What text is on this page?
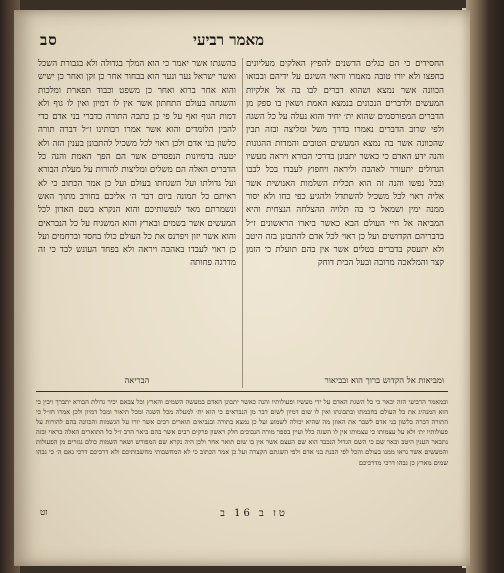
מאמר רביעי
סב
החסידים כי הם כגלים הדשנים להפיץ האלקים מעליונים בחפצו ולא יורו טובה מאמרו וראוי השיגם על ידיהם ובבואו הכוונה אשר נמצא ושהוא דברים לבו בה אל אלקיות המעשים ולדברים הנכונים בנמצא האמת ושאין בו ספק מן הדברים המפורסמים שהוא ית׳ יחיד והוא נעלה על כל השגה ולפי שרוב הדברים נאמרו בדרך משל ומליצה ובזה תבין שהכוונה אשר בה נמצא המעשים הטובים והמדות ההגונות והנה ידע האדם כי כאשר יתבונן בדרכי הבורא ויראה מעשיו הגדולים יתעורר לאהבה וליראה ויחפוץ לעבדו בכל לבבו ובכל נפשו והנה זה הוא תכלית השלמות האנושית אשר אליה ראוי לכל משכיל להשתדל ולהגיע כפי כחו ולא יסור ממנה ימין ושמאל כי בה תלויה ההצלחה הנצחית והיא המביאה אל חיי העולם הבא כאשר ביארו הראשונים ז״ל בדבריהם הקדושים ועל כן ראוי לכל אדם להתבונן בזה היטב ולא יתעסק בדברים בטלים אשר אין בהם תועלת כי הזמן קצר והמלאכה מרובה ובעל הבית דוחק
בהשגתו אשר יאמר כי הוא המלך בגדולה ולא בגבורת השכל ואשר ישראל נער ונער הוא בבחור אחר כן זקן ואחר כן ישיש והוא אחר ברוא ואחר כן משפט וכבוד תפארת ומלכות והשגחה בעולם התחתון אשר אין לו דמיון ואין לו גוף ולא דמות הגוף ואף על פי כן כתבה התורה כדברי בני אדם כדי להבין הלומדים והוא אשר אמרו רבותינו ז״ל דברה תורה כלשון בני אדם ולכן ראוי לכל משכיל להתבונן בענין הזה ולא יטעה בדמיונות הנפסדים אשר הם הפך האמת והנה כל הדברים האלה הם משלים ומליצות להורות על מעלת הבורא ועל גדולתו ועל השגחתו בעולם ועל כן אמר הכתוב כי לא ראיתם כל תמונה ביום דבר ה׳ אליכם בחורב מתוך האש ונשמרתם מאד לנפשותיכם והוא הנקרא בשם האדון לכל המעשים אשר בשמים ובארץ והוא המשגיח על כל הנבראים והוא אשר יזון ויפרנס את כל העולם כולו בחסד וברחמים ועל כן ראוי לעבדו באהבה ויראה ולא בפחד העונש לבד כי זה מדרגה פחותה
ומביאות אל הקדוש ברוך הוא׃ ובביאור
הבריאה
ובמאמר הרביעי הזה יבאר כי כל השגת האדם על ידי מעשיו ופעולותיו והנה כאשר יתבונן האדם במעשה השמים והארץ וכל צבאם יכיר גדולת הבורא יתברך ויבין כי הוא המנהיג את כל העולם בחכמתו ובתבונתו ואין לו שום דמיון לשום דבר מן הנבראים כי הוא ית׳ למעלה מכל השגה ומכל תיאור ומכל דמיון ולכן אמרו חז״ל כי התורה דברה כלשון בני אדם לשבר את האוזן מה שהיא יכולה לשמוע ועל כן נמצא בתורה ובנביאים תוארים רבים אשר יורו על הגשמות והכוונה בהם להורות על פעולותיו ית׳ ולא על עצמותו כי עצמותו אין לו השגה כלל ועיין בספר מורה הנבוכים חלק ראשון פרקים רבים אשר בהם ביאר הרב ז״ל כל התוארים האלה כראוי ובזה נתבאר הענין היטב ובאר שם כי השם הגדול הנכבד הוא שם העצם אשר אין בו שום תואר אחר ולכן היה נקרא שם המפורש ושאר השמות כולם נגזרים מן הפעולות והמעשים אשר נראו ממנו בעולם והכל לפי הבנת בני אדם ולפי השגתם הקצרה ועל כן אמר הכתוב כי לא המחשבותי מחשבותיכם ולא דרכיכם דרכי נאם ה׳ כי גבהו שמים מארץ כן גבהו דרכי מדרכיכם
וט	טז ב 16 ב
